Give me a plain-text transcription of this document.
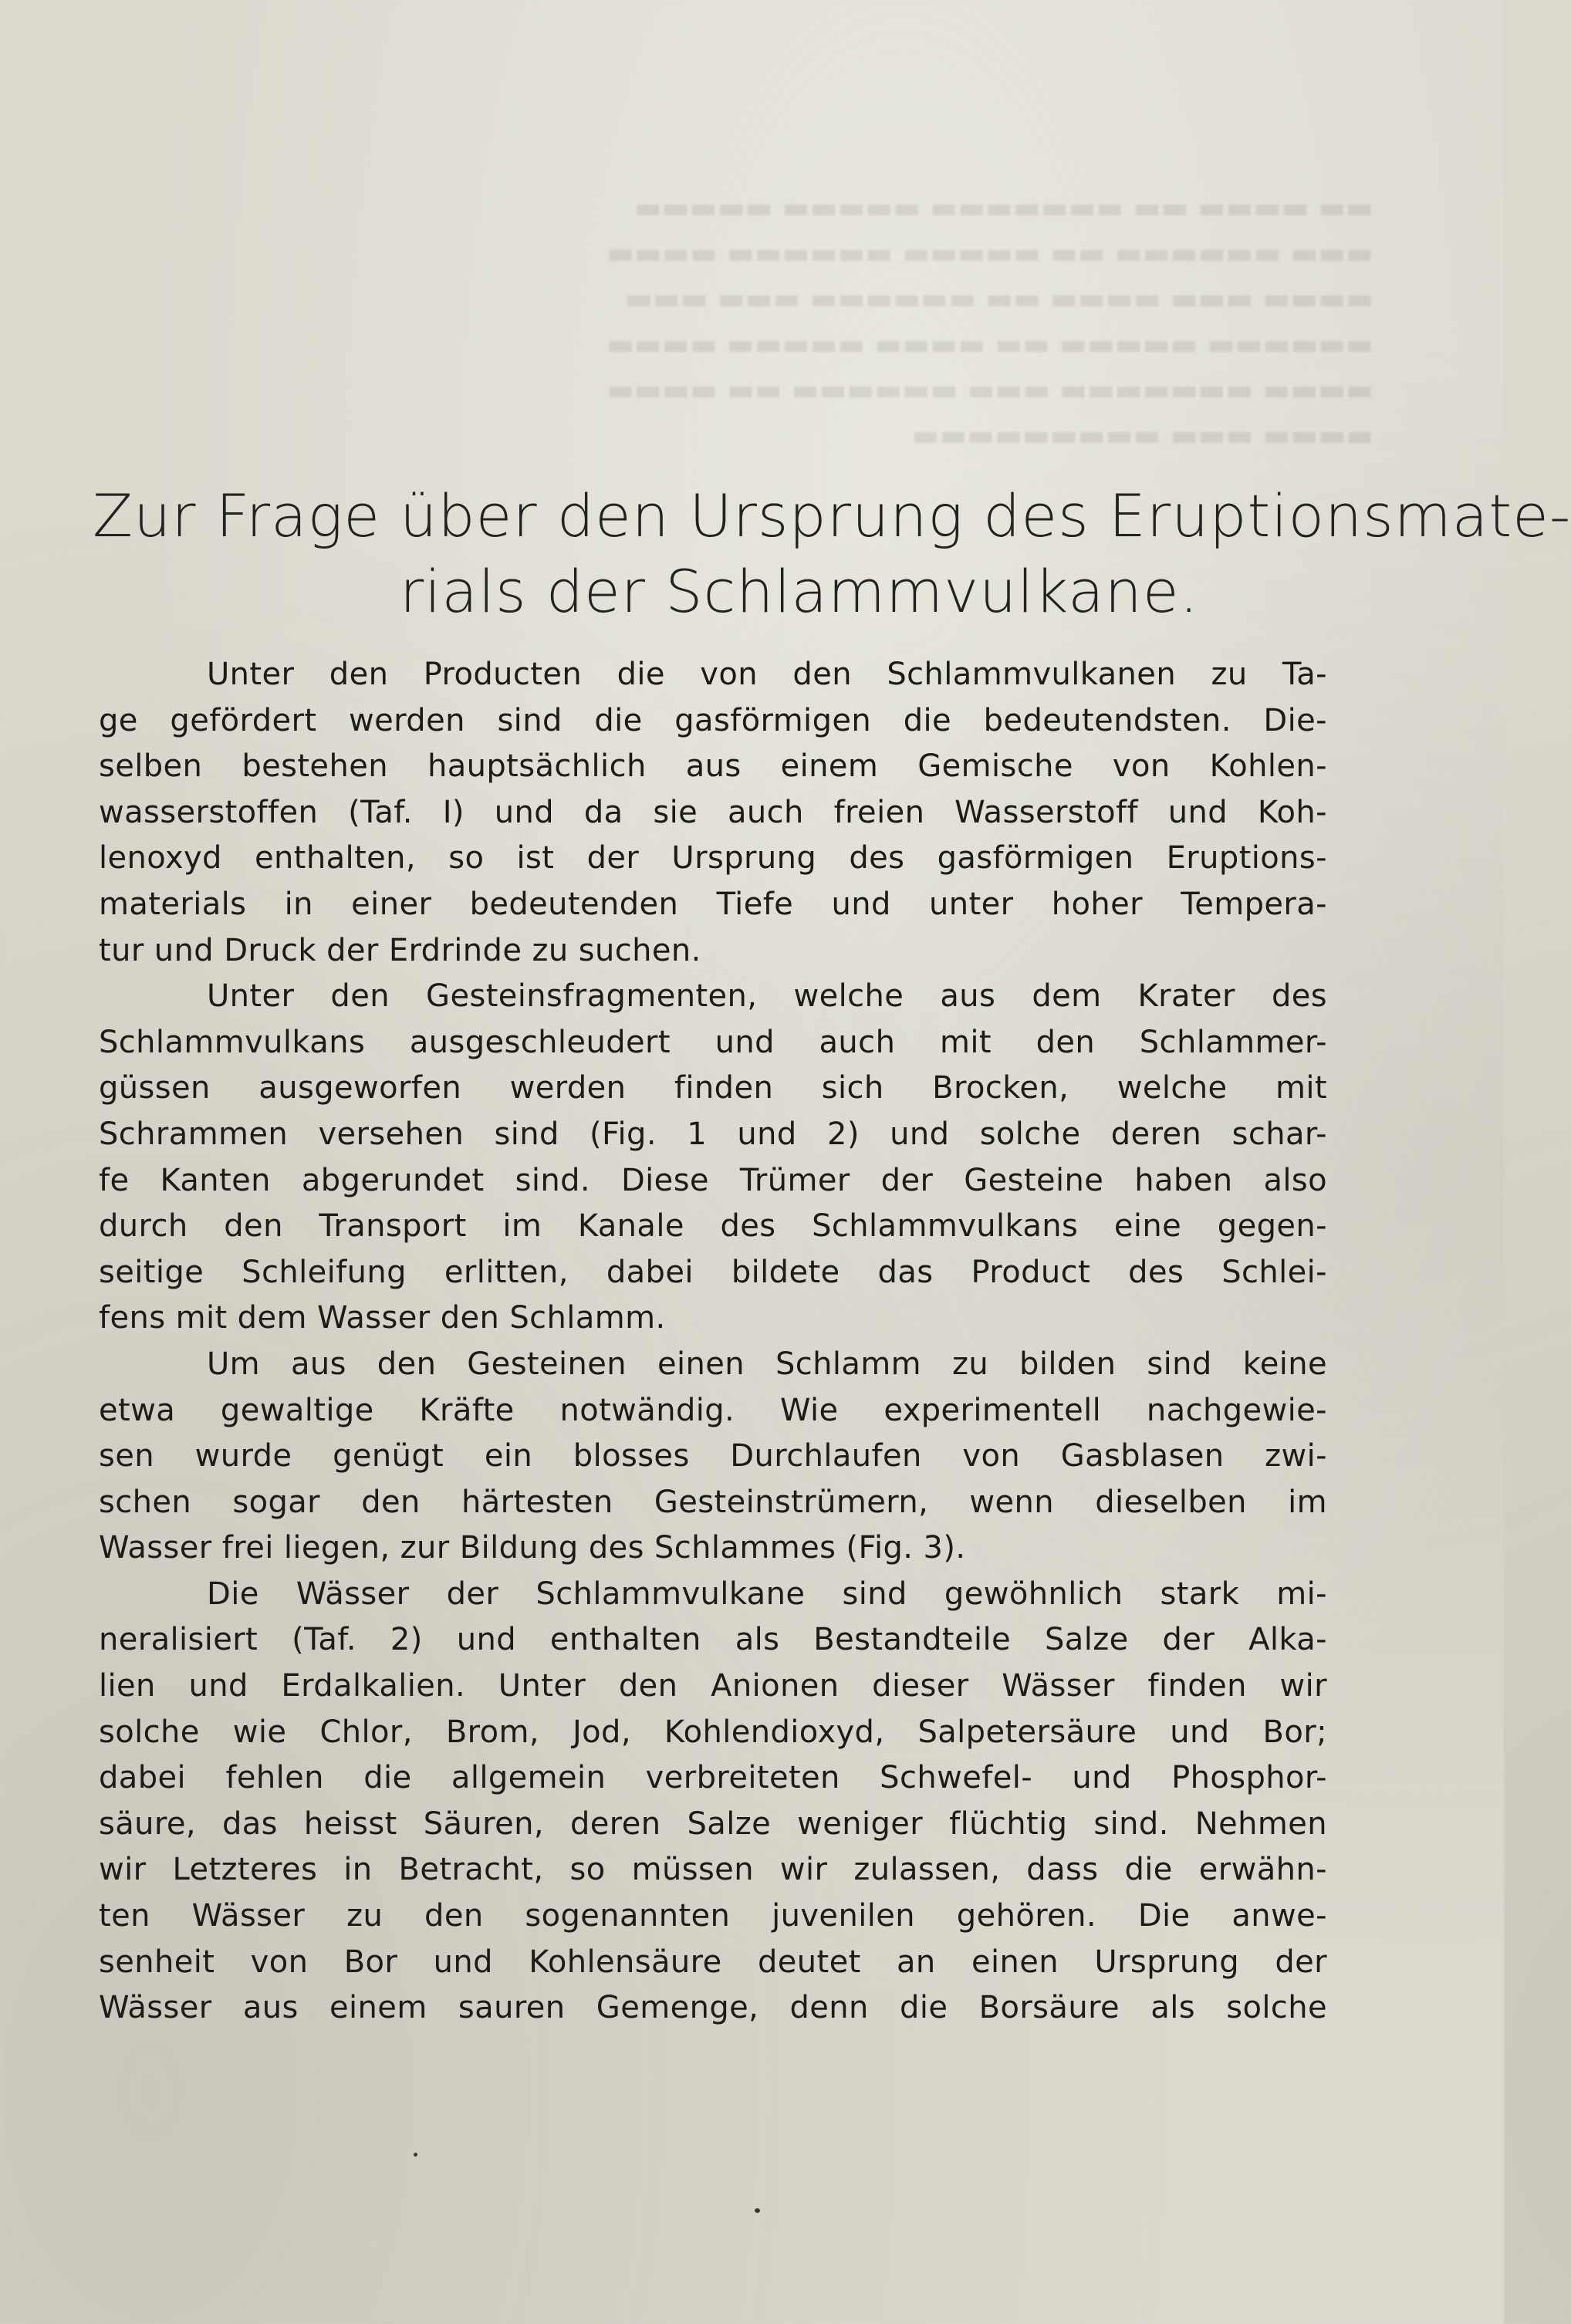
▬▬ ▬▬▬▬ ▬▬ ▬▬▬▬▬▬▬ ▬▬▬▬▬ ▬▬▬▬▬
▬▬▬ ▬▬▬▬▬▬ ▬▬ ▬▬▬▬▬ ▬▬▬▬▬▬ ▬▬▬▬
▬▬▬▬ ▬▬▬ ▬▬▬▬ ▬▬ ▬▬▬▬▬▬ ▬▬▬ ▬▬▬
▬▬▬▬▬▬ ▬▬▬▬▬ ▬▬ ▬▬▬▬ ▬▬▬▬▬ ▬▬▬▬
▬▬▬▬ ▬▬▬▬▬▬▬ ▬▬▬ ▬▬▬▬▬▬ ▬▬ ▬▬▬▬
▬▬▬▬ ▬▬▬ ▬▬▬▬▬▬▬▬▬
Zur Frage über den Ursprung des Eruptionsmate-
rials der Schlammvulkane.
Unter den Producten die von den Schlammvulkanen zu Ta-
ge gefördert werden sind die gasförmigen die bedeutendsten. Die-
selben bestehen hauptsächlich aus einem Gemische von Kohlen-
wasserstoffen (Taf. I) und da sie auch freien Wasserstoff und Koh-
lenoxyd enthalten, so ist der Ursprung des gasförmigen Eruptions-
materials in einer bedeutenden Tiefe und unter hoher Tempera-
tur und Druck der Erdrinde zu suchen.
Unter den Gesteinsfragmenten, welche aus dem Krater des
Schlammvulkans ausgeschleudert und auch mit den Schlammer-
güssen ausgeworfen werden finden sich Brocken, welche mit
Schrammen versehen sind (Fig. 1 und 2) und solche deren schar-
fe Kanten abgerundet sind. Diese Trümer der Gesteine haben also
durch den Transport im Kanale des Schlammvulkans eine gegen-
seitige Schleifung erlitten, dabei bildete das Product des Schlei-
fens mit dem Wasser den Schlamm.
Um aus den Gesteinen einen Schlamm zu bilden sind keine
etwa gewaltige Kräfte notwändig. Wie experimentell nachgewie-
sen wurde genügt ein blosses Durchlaufen von Gasblasen zwi-
schen sogar den härtesten Gesteinstrümern, wenn dieselben im
Wasser frei liegen, zur Bildung des Schlammes (Fig. 3).
Die Wässer der Schlammvulkane sind gewöhnlich stark mi-
neralisiert (Taf. 2) und enthalten als Bestandteile Salze der Alka-
lien und Erdalkalien. Unter den Anionen dieser Wässer finden wir
solche wie Chlor, Brom, Jod, Kohlendioxyd, Salpetersäure und Bor;
dabei fehlen die allgemein verbreiteten Schwefel- und Phosphor-
säure, das heisst Säuren, deren Salze weniger flüchtig sind. Nehmen
wir Letzteres in Betracht, so müssen wir zulassen, dass die erwähn-
ten Wässer zu den sogenannten juvenilen gehören. Die anwe-
senheit von Bor und Kohlensäure deutet an einen Ursprung der
Wässer aus einem sauren Gemenge, denn die Borsäure als solche
